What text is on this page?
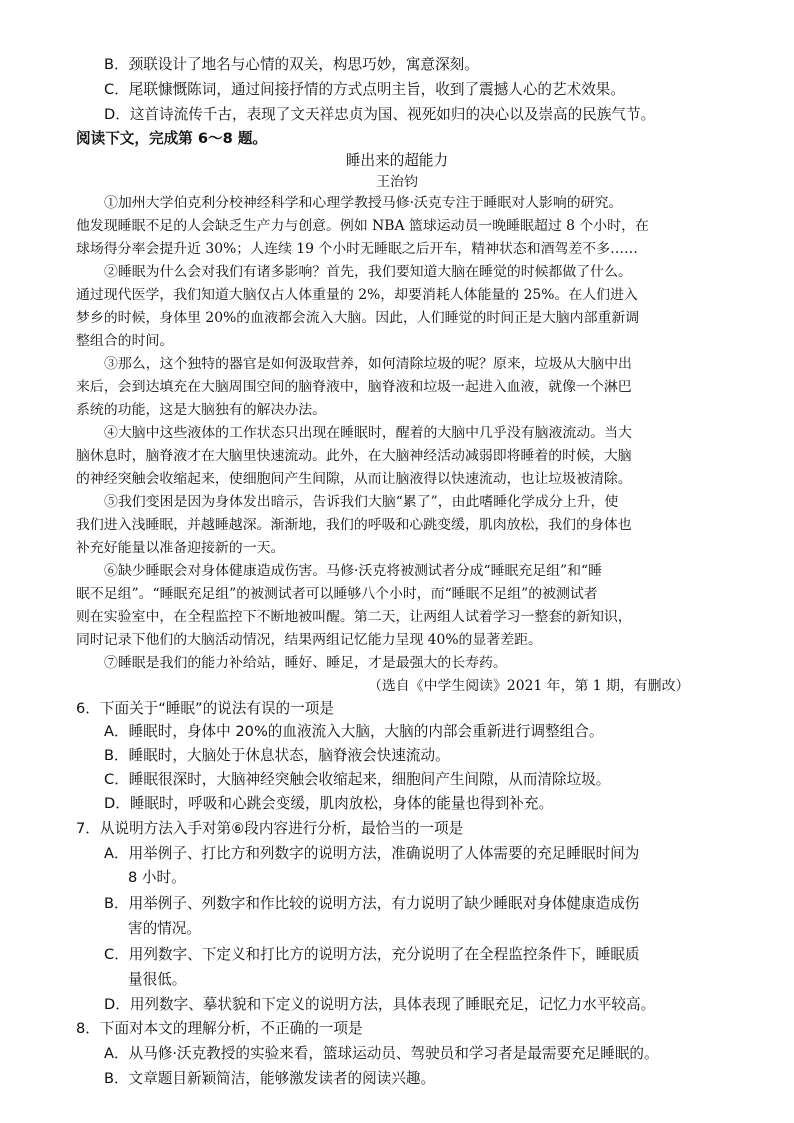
B．颈联设计了地名与心情的双关，构思巧妙，寓意深刻。
C．尾联慷慨陈词，通过间接抒情的方式点明主旨，收到了震撼人心的艺术效果。
D．这首诗流传千古，表现了文天祥忠贞为国、视死如归的决心以及崇高的民族气节。
阅读下文，完成第 6～8 题。
睡出来的超能力
王治钧
①加州大学伯克利分校神经科学和心理学教授马修·沃克专注于睡眠对人影响的研究。
他发现睡眠不足的人会缺乏生产力与创意。例如 NBA 篮球运动员一晚睡眠超过 8 个小时，在
球场得分率会提升近 30%；人连续 19 个小时无睡眠之后开车，精神状态和酒驾差不多……
②睡眠为什么会对我们有诸多影响？首先，我们要知道大脑在睡觉的时候都做了什么。
通过现代医学，我们知道大脑仅占人体重量的 2%，却要消耗人体能量的 25%。在人们进入
梦乡的时候，身体里 20%的血液都会流入大脑。因此，人们睡觉的时间正是大脑内部重新调
整组合的时间。
③那么，这个独特的器官是如何汲取营养，如何清除垃圾的呢？原来，垃圾从大脑中出
来后，会到达填充在大脑周围空间的脑脊液中，脑脊液和垃圾一起进入血液，就像一个淋巴
系统的功能，这是大脑独有的解决办法。
④大脑中这些液体的工作状态只出现在睡眠时，醒着的大脑中几乎没有脑液流动。当大
脑休息时，脑脊液才在大脑里快速流动。此外，在大脑神经活动减弱即将睡着的时候，大脑
的神经突触会收缩起来，使细胞间产生间隙，从而让脑液得以快速流动，也让垃圾被清除。
⑤我们变困是因为身体发出暗示，告诉我们大脑“累了”，由此嗜睡化学成分上升，使
我们进入浅睡眠，并越睡越深。渐渐地，我们的呼吸和心跳变缓，肌肉放松，我们的身体也
补充好能量以准备迎接新的一天。
⑥缺少睡眠会对身体健康造成伤害。马修·沃克将被测试者分成“睡眠充足组”和“睡
眠不足组”。“睡眠充足组”的被测试者可以睡够八个小时，而“睡眠不足组”的被测试者
则在实验室中，在全程监控下不断地被叫醒。第二天，让两组人试着学习一整套的新知识，
同时记录下他们的大脑活动情况，结果两组记忆能力呈现 40%的显著差距。
⑦睡眠是我们的能力补给站，睡好、睡足，才是最强大的长寿药。
（选自《中学生阅读》2021 年，第 1 期，有删改）
6．下面关于“睡眠”的说法有误的一项是
A．睡眠时，身体中 20%的血液流入大脑，大脑的内部会重新进行调整组合。
B．睡眠时，大脑处于休息状态，脑脊液会快速流动。
C．睡眠很深时，大脑神经突触会收缩起来，细胞间产生间隙，从而清除垃圾。
D．睡眠时，呼吸和心跳会变缓，肌肉放松，身体的能量也得到补充。
7．从说明方法入手对第⑥段内容进行分析，最恰当的一项是
A．用举例子、打比方和列数字的说明方法，准确说明了人体需要的充足睡眠时间为
8 小时。
B．用举例子、列数字和作比较的说明方法，有力说明了缺少睡眠对身体健康造成伤
害的情况。
C．用列数字、下定义和打比方的说明方法，充分说明了在全程监控条件下，睡眠质
量很低。
D．用列数字、摹状貌和下定义的说明方法，具体表现了睡眠充足，记忆力水平较高。
8．下面对本文的理解分析，不正确的一项是
A．从马修·沃克教授的实验来看，篮球运动员、驾驶员和学习者是最需要充足睡眠的。
B．文章题目新颖简洁，能够激发读者的阅读兴趣。
